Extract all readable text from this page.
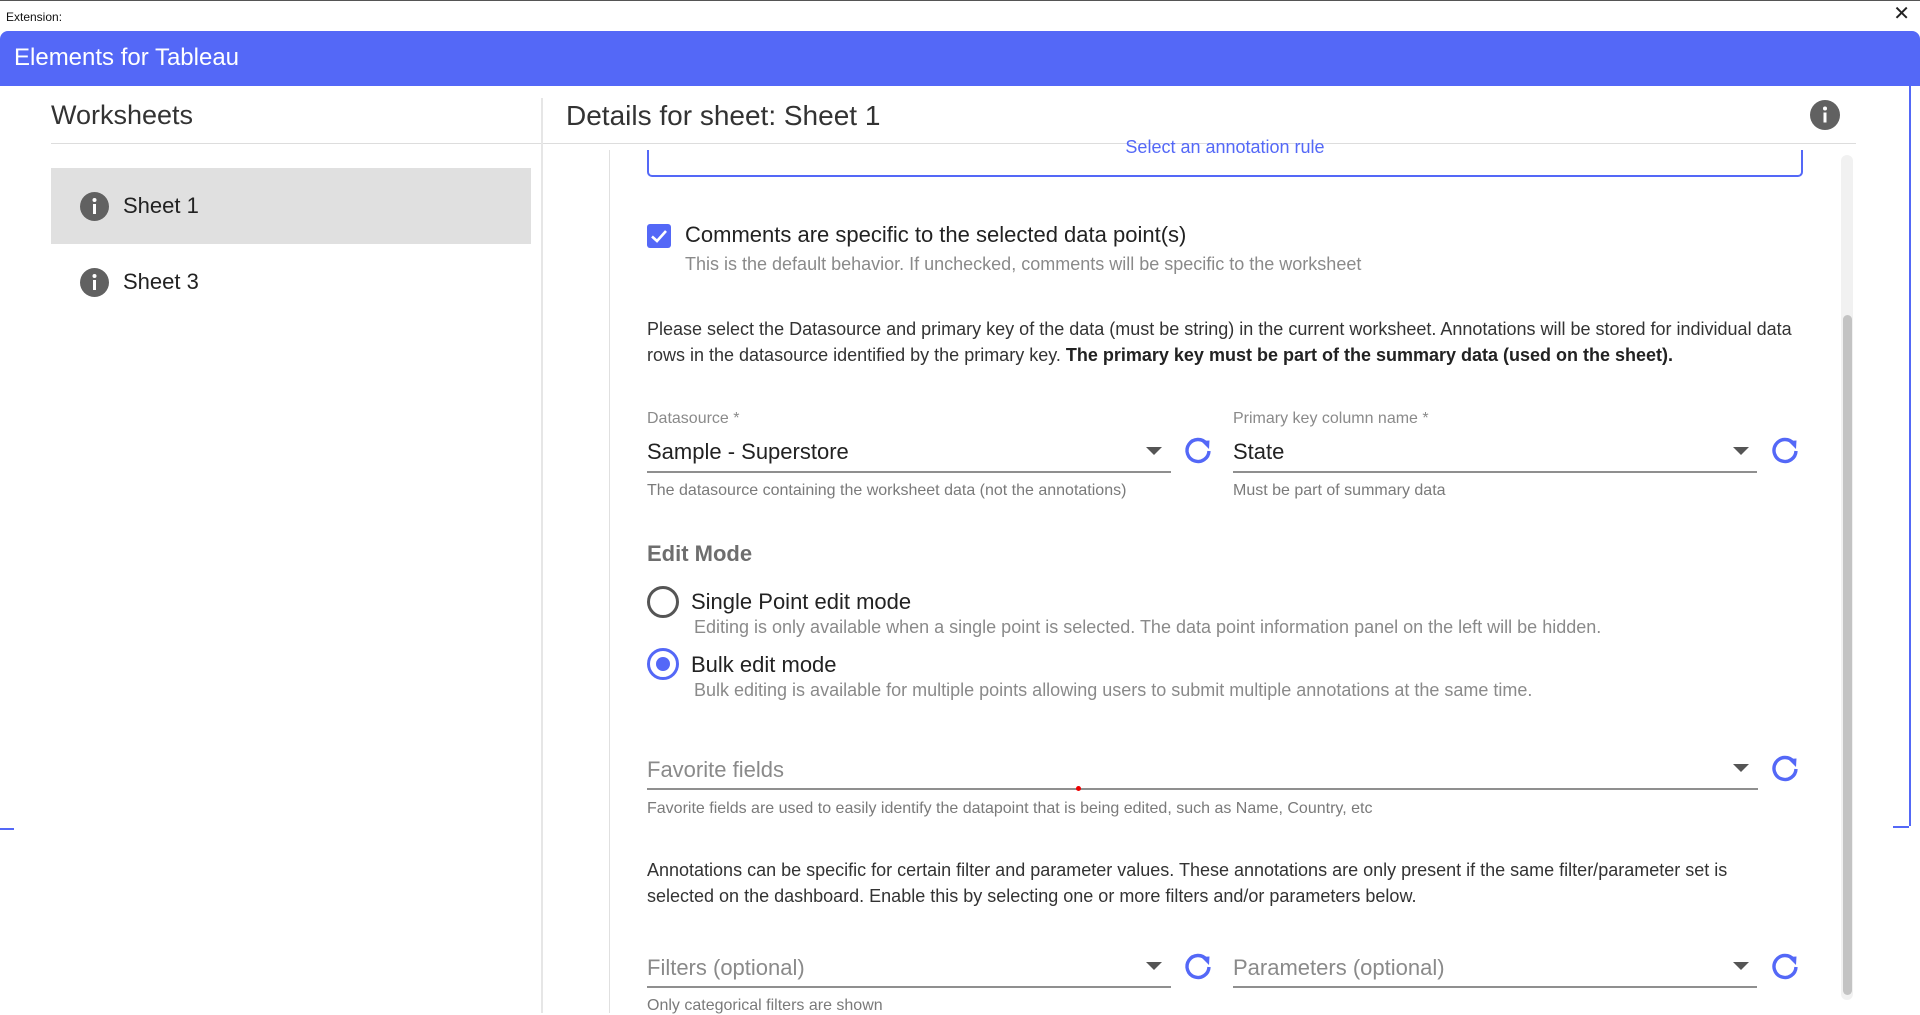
Extension:	✕
Elements for Tableau
Worksheets
Sheet 1
Sheet 3
Details for sheet: Sheet 1
Select an annotation rule
Comments are specific to the selected data point(s)
This is the default behavior. If unchecked, comments will be specific to the worksheet
Please select the Datasource and primary key of the data (must be string) in the current worksheet. Annotations will be stored for individual data rows in the datasource identified by the primary key. The primary key must be part of the summary data (used on the sheet).
Datasource *
Sample - Superstore
The datasource containing the worksheet data (not the annotations)
Primary key column name *
State
Must be part of summary data
Edit Mode
Single Point edit mode
Editing is only available when a single point is selected. The data point information panel on the left will be hidden.
Bulk edit mode
Bulk editing is available for multiple points allowing users to submit multiple annotations at the same time.
Favorite fields
Favorite fields are used to easily identify the datapoint that is being edited, such as Name, Country, etc
Annotations can be specific for certain filter and parameter values. These annotations are only present if the same filter/parameter set is selected on the dashboard. Enable this by selecting one or more filters and/or parameters below.
Filters (optional)
Only categorical filters are shown
Parameters (optional)
